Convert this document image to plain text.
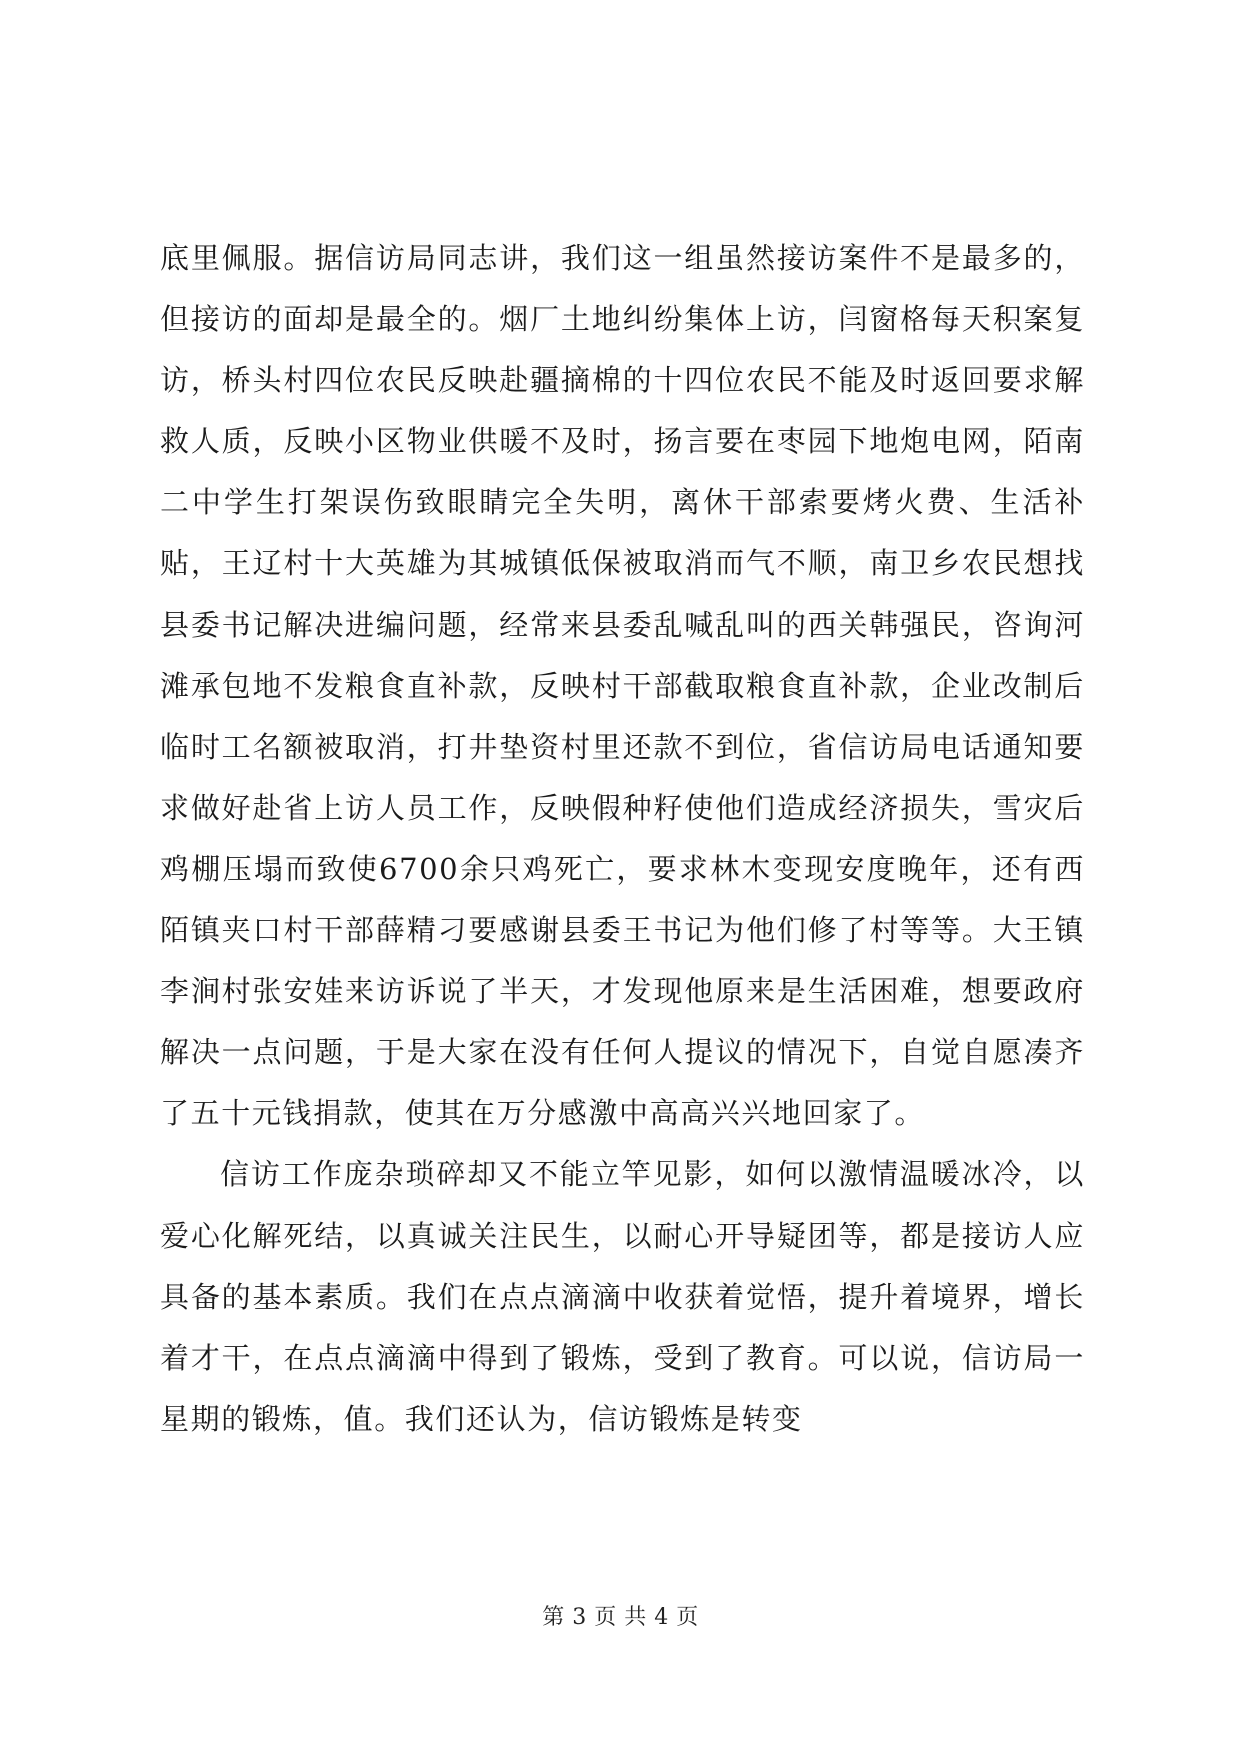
底里佩服。据信访局同志讲，我们这一组虽然接访案件不是最多的，但接访的面却是最全的。烟厂土地纠纷集体上访，闫窗格每天积案复访，桥头村四位农民反映赴疆摘棉的十四位农民不能及时返回要求解救人质，反映小区物业供暖不及时，扬言要在枣园下地炮电网，陌南二中学生打架误伤致眼睛完全失明，离休干部索要烤火费、生活补贴，王辽村十大英雄为其城镇低保被取消而气不顺，南卫乡农民想找县委书记解决进编问题，经常来县委乱喊乱叫的西关韩强民，咨询河滩承包地不发粮食直补款，反映村干部截取粮食直补款，企业改制后临时工名额被取消，打井垫资村里还款不到位，省信访局电话通知要求做好赴省上访人员工作，反映假种籽使他们造成经济损失，雪灾后鸡棚压塌而致使6700余只鸡死亡，要求林木变现安度晚年，还有西陌镇夹口村干部薛精刁要感谢县委王书记为他们修了村等等。大王镇李涧村张安娃来访诉说了半天，才发现他原来是生活困难，想要政府解决一点问题，于是大家在没有任何人提议的情况下，自觉自愿凑齐了五十元钱捐款，使其在万分感激中高高兴兴地回家了。

信访工作庞杂琐碎却又不能立竿见影，如何以激情温暖冰冷，以爱心化解死结，以真诚关注民生，以耐心开导疑团等，都是接访人应具备的基本素质。我们在点点滴滴中收获着觉悟，提升着境界，增长着才干，在点点滴滴中得到了锻炼，受到了教育。可以说，信访局一星期的锻炼，值。我们还认为，信访锻炼是转变

第 3 页 共 4 页
